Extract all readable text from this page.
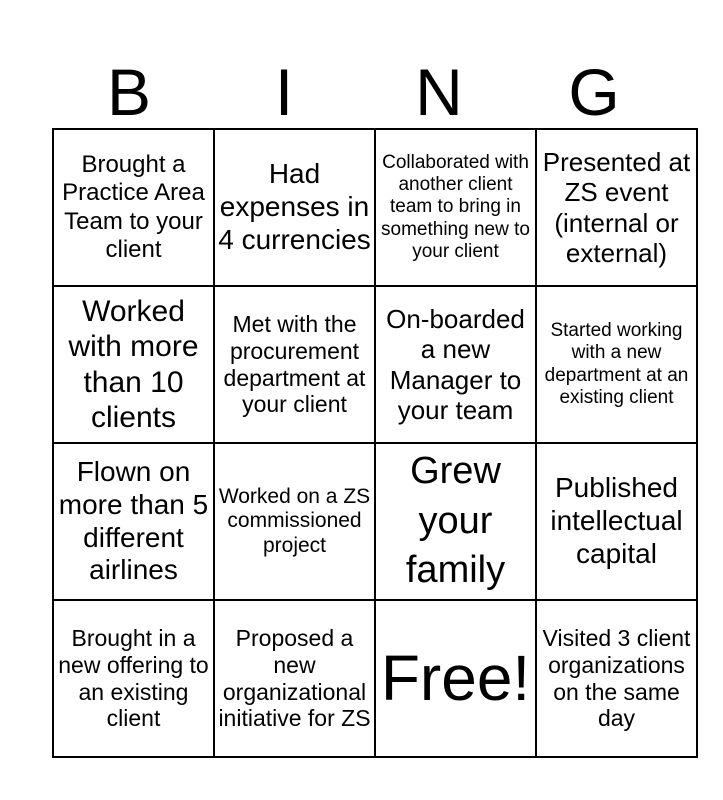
B	I	N	G
Brought a Practice Area Team to your client	Had expenses in 4 currencies	Collaborated with another client team to bring in something new to your client	Presented at ZS event (internal or external)
Worked with more than 10 clients	Met with the procurement department at your client	On-boarded a new Manager to your team	Started working with a new department at an existing client
Flown on more than 5 different airlines	Worked on a ZS commissioned project	Grew your family	Published intellectual capital
Brought in a new offering to an existing client	Proposed a new organizational initiative for ZS	Free!	Visited 3 client organizations on the same day
